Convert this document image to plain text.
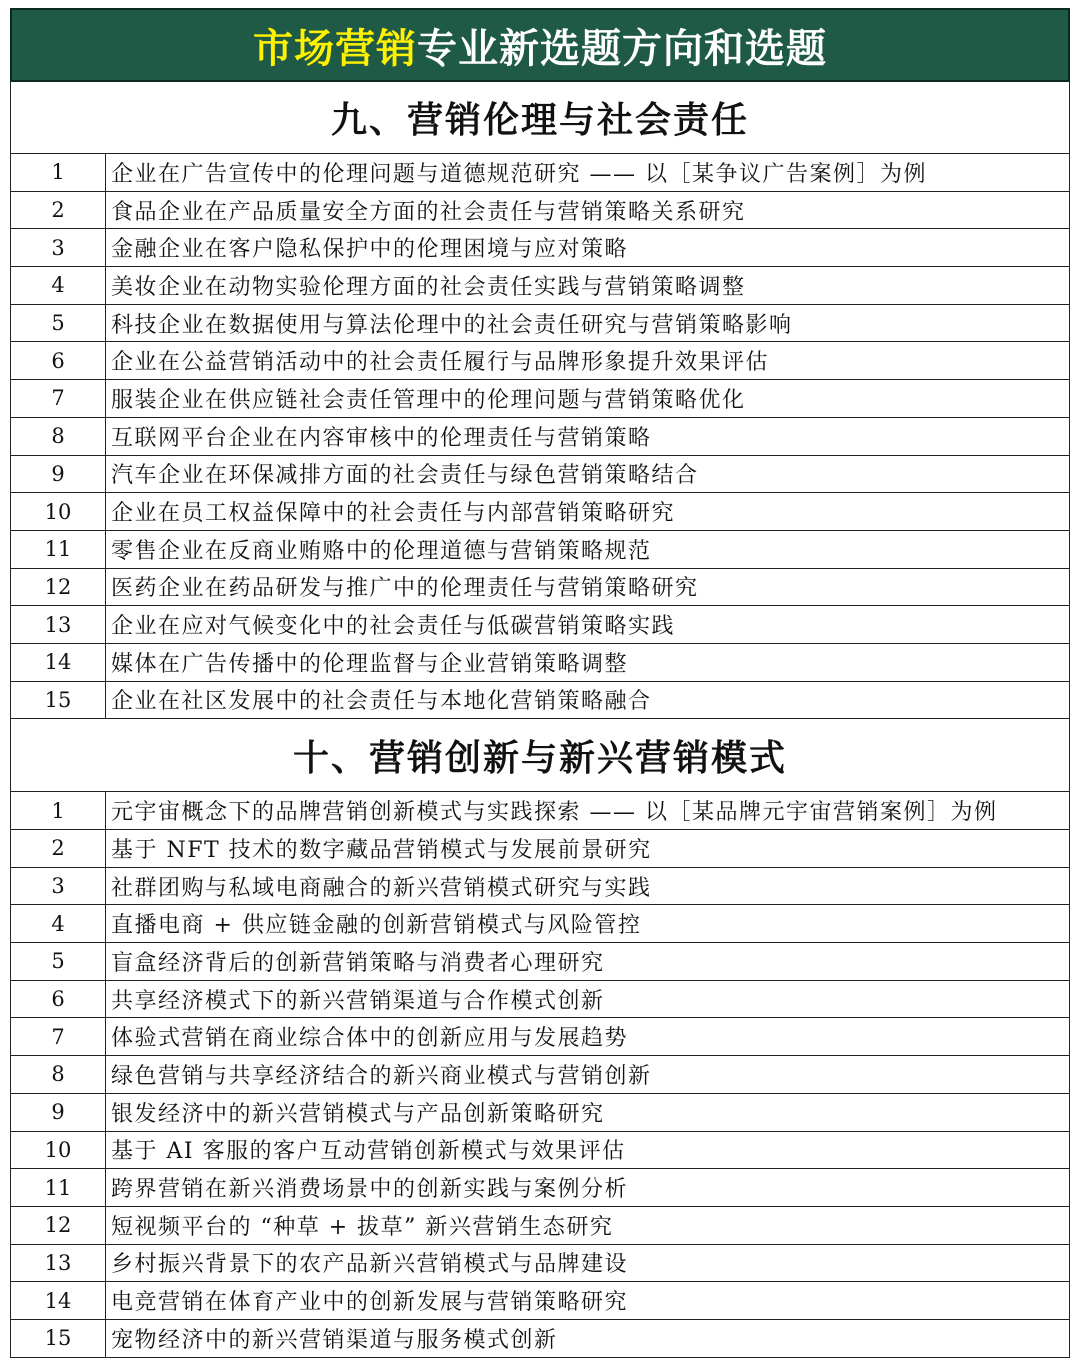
市场营销 专业新选题方向和选题
九、营销伦理与社会责任
1	企业在广告宣传中的伦理问题与道德规范研究 —— 以［某争议广告案例］为例
2	食品企业在产品质量安全方面的社会责任与营销策略关系研究
3	金融企业在客户隐私保护中的伦理困境与应对策略
4	美妆企业在动物实验伦理方面的社会责任实践与营销策略调整
5	科技企业在数据使用与算法伦理中的社会责任研究与营销策略影响
6	企业在公益营销活动中的社会责任履行与品牌形象提升效果评估
7	服装企业在供应链社会责任管理中的伦理问题与营销策略优化
8	互联网平台企业在内容审核中的伦理责任与营销策略
9	汽车企业在环保减排方面的社会责任与绿色营销策略结合
10	企业在员工权益保障中的社会责任与内部营销策略研究
11	零售企业在反商业贿赂中的伦理道德与营销策略规范
12	医药企业在药品研发与推广中的伦理责任与营销策略研究
13	企业在应对气候变化中的社会责任与低碳营销策略实践
14	媒体在广告传播中的伦理监督与企业营销策略调整
15	企业在社区发展中的社会责任与本地化营销策略融合
十、营销创新与新兴营销模式
1	元宇宙概念下的品牌营销创新模式与实践探索 —— 以［某品牌元宇宙营销案例］为例
2	基于 NFT 技术的数字藏品营销模式与发展前景研究
3	社群团购与私域电商融合的新兴营销模式研究与实践
4	直播电商 + 供应链金融的创新营销模式与风险管控
5	盲盒经济背后的创新营销策略与消费者心理研究
6	共享经济模式下的新兴营销渠道与合作模式创新
7	体验式营销在商业综合体中的创新应用与发展趋势
8	绿色营销与共享经济结合的新兴商业模式与营销创新
9	银发经济中的新兴营销模式与产品创新策略研究
10	基于 AI 客服的客户互动营销创新模式与效果评估
11	跨界营销在新兴消费场景中的创新实践与案例分析
12	短视频平台的 “种草 + 拔草” 新兴营销生态研究
13	乡村振兴背景下的农产品新兴营销模式与品牌建设
14	电竞营销在体育产业中的创新发展与营销策略研究
15	宠物经济中的新兴营销渠道与服务模式创新
